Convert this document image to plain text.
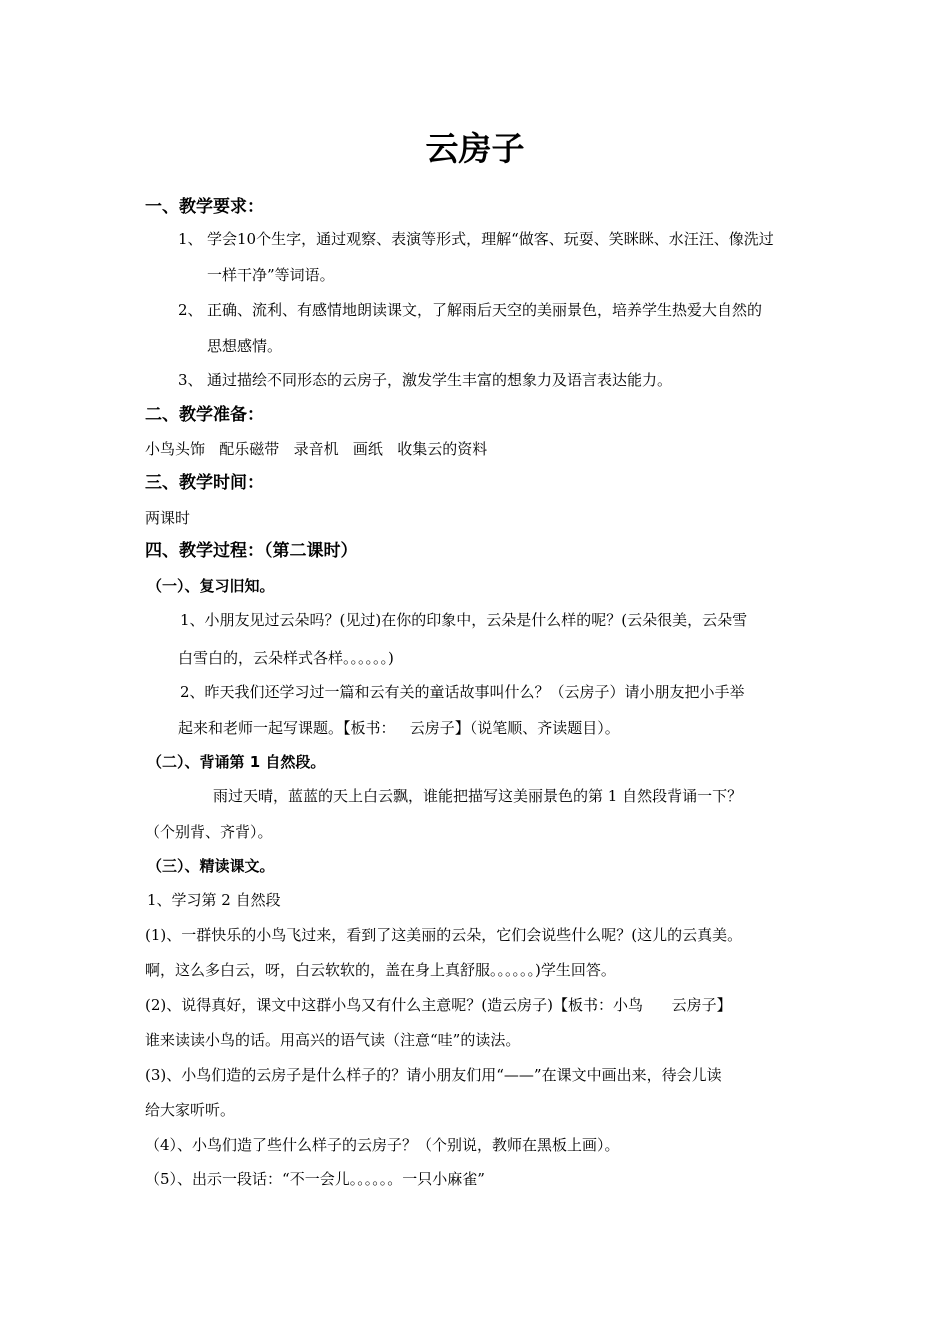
云房子
一、教学要求：
1、 学会10个生字，通过观察、表演等形式，理解“做客、玩耍、笑眯眯、水汪汪、像洗过
一样干净”等词语。
2、 正确、流利、有感情地朗读课文，了解雨后天空的美丽景色，培养学生热爱大自然的
思想感情。
3、 通过描绘不同形态的云房子，激发学生丰富的想象力及语言表达能力。
二、教学准备：
小鸟头饰   配乐磁带   录音机   画纸   收集云的资料
三、教学时间：
两课时
四、教学过程：（第二课时）
（一）、复习旧知。
1、小朋友见过云朵吗？(见过)在你的印象中，云朵是什么样的呢？(云朵很美，云朵雪
白雪白的，云朵样式各样。。。。。。)
2、昨天我们还学习过一篇和云有关的童话故事叫什么？（云房子）请小朋友把小手举
起来和老师一起写课题。【板书：   云房子】（说笔顺、齐读题目）。
（二）、背诵第 1 自然段。
雨过天晴，蓝蓝的天上白云飘，谁能把描写这美丽景色的第 1 自然段背诵一下？
（个别背、齐背）。
（三）、精读课文。
1、学习第 2 自然段
(1)、一群快乐的小鸟飞过来，看到了这美丽的云朵，它们会说些什么呢？(这儿的云真美。
啊，这么多白云，呀，白云软软的，盖在身上真舒服。。。。。。)学生回答。
(2)、说得真好，课文中这群小鸟又有什么主意呢？(造云房子)【板书：小鸟      云房子】
谁来读读小鸟的话。用高兴的语气读（注意“哇”的读法。
(3)、小鸟们造的云房子是什么样子的？请小朋友们用“——”在课文中画出来，待会儿读
给大家听听。
（4）、小鸟们造了些什么样子的云房子？（个别说，教师在黑板上画）。
（5）、出示一段话：“不一会儿。。。。。。一只小麻雀”
